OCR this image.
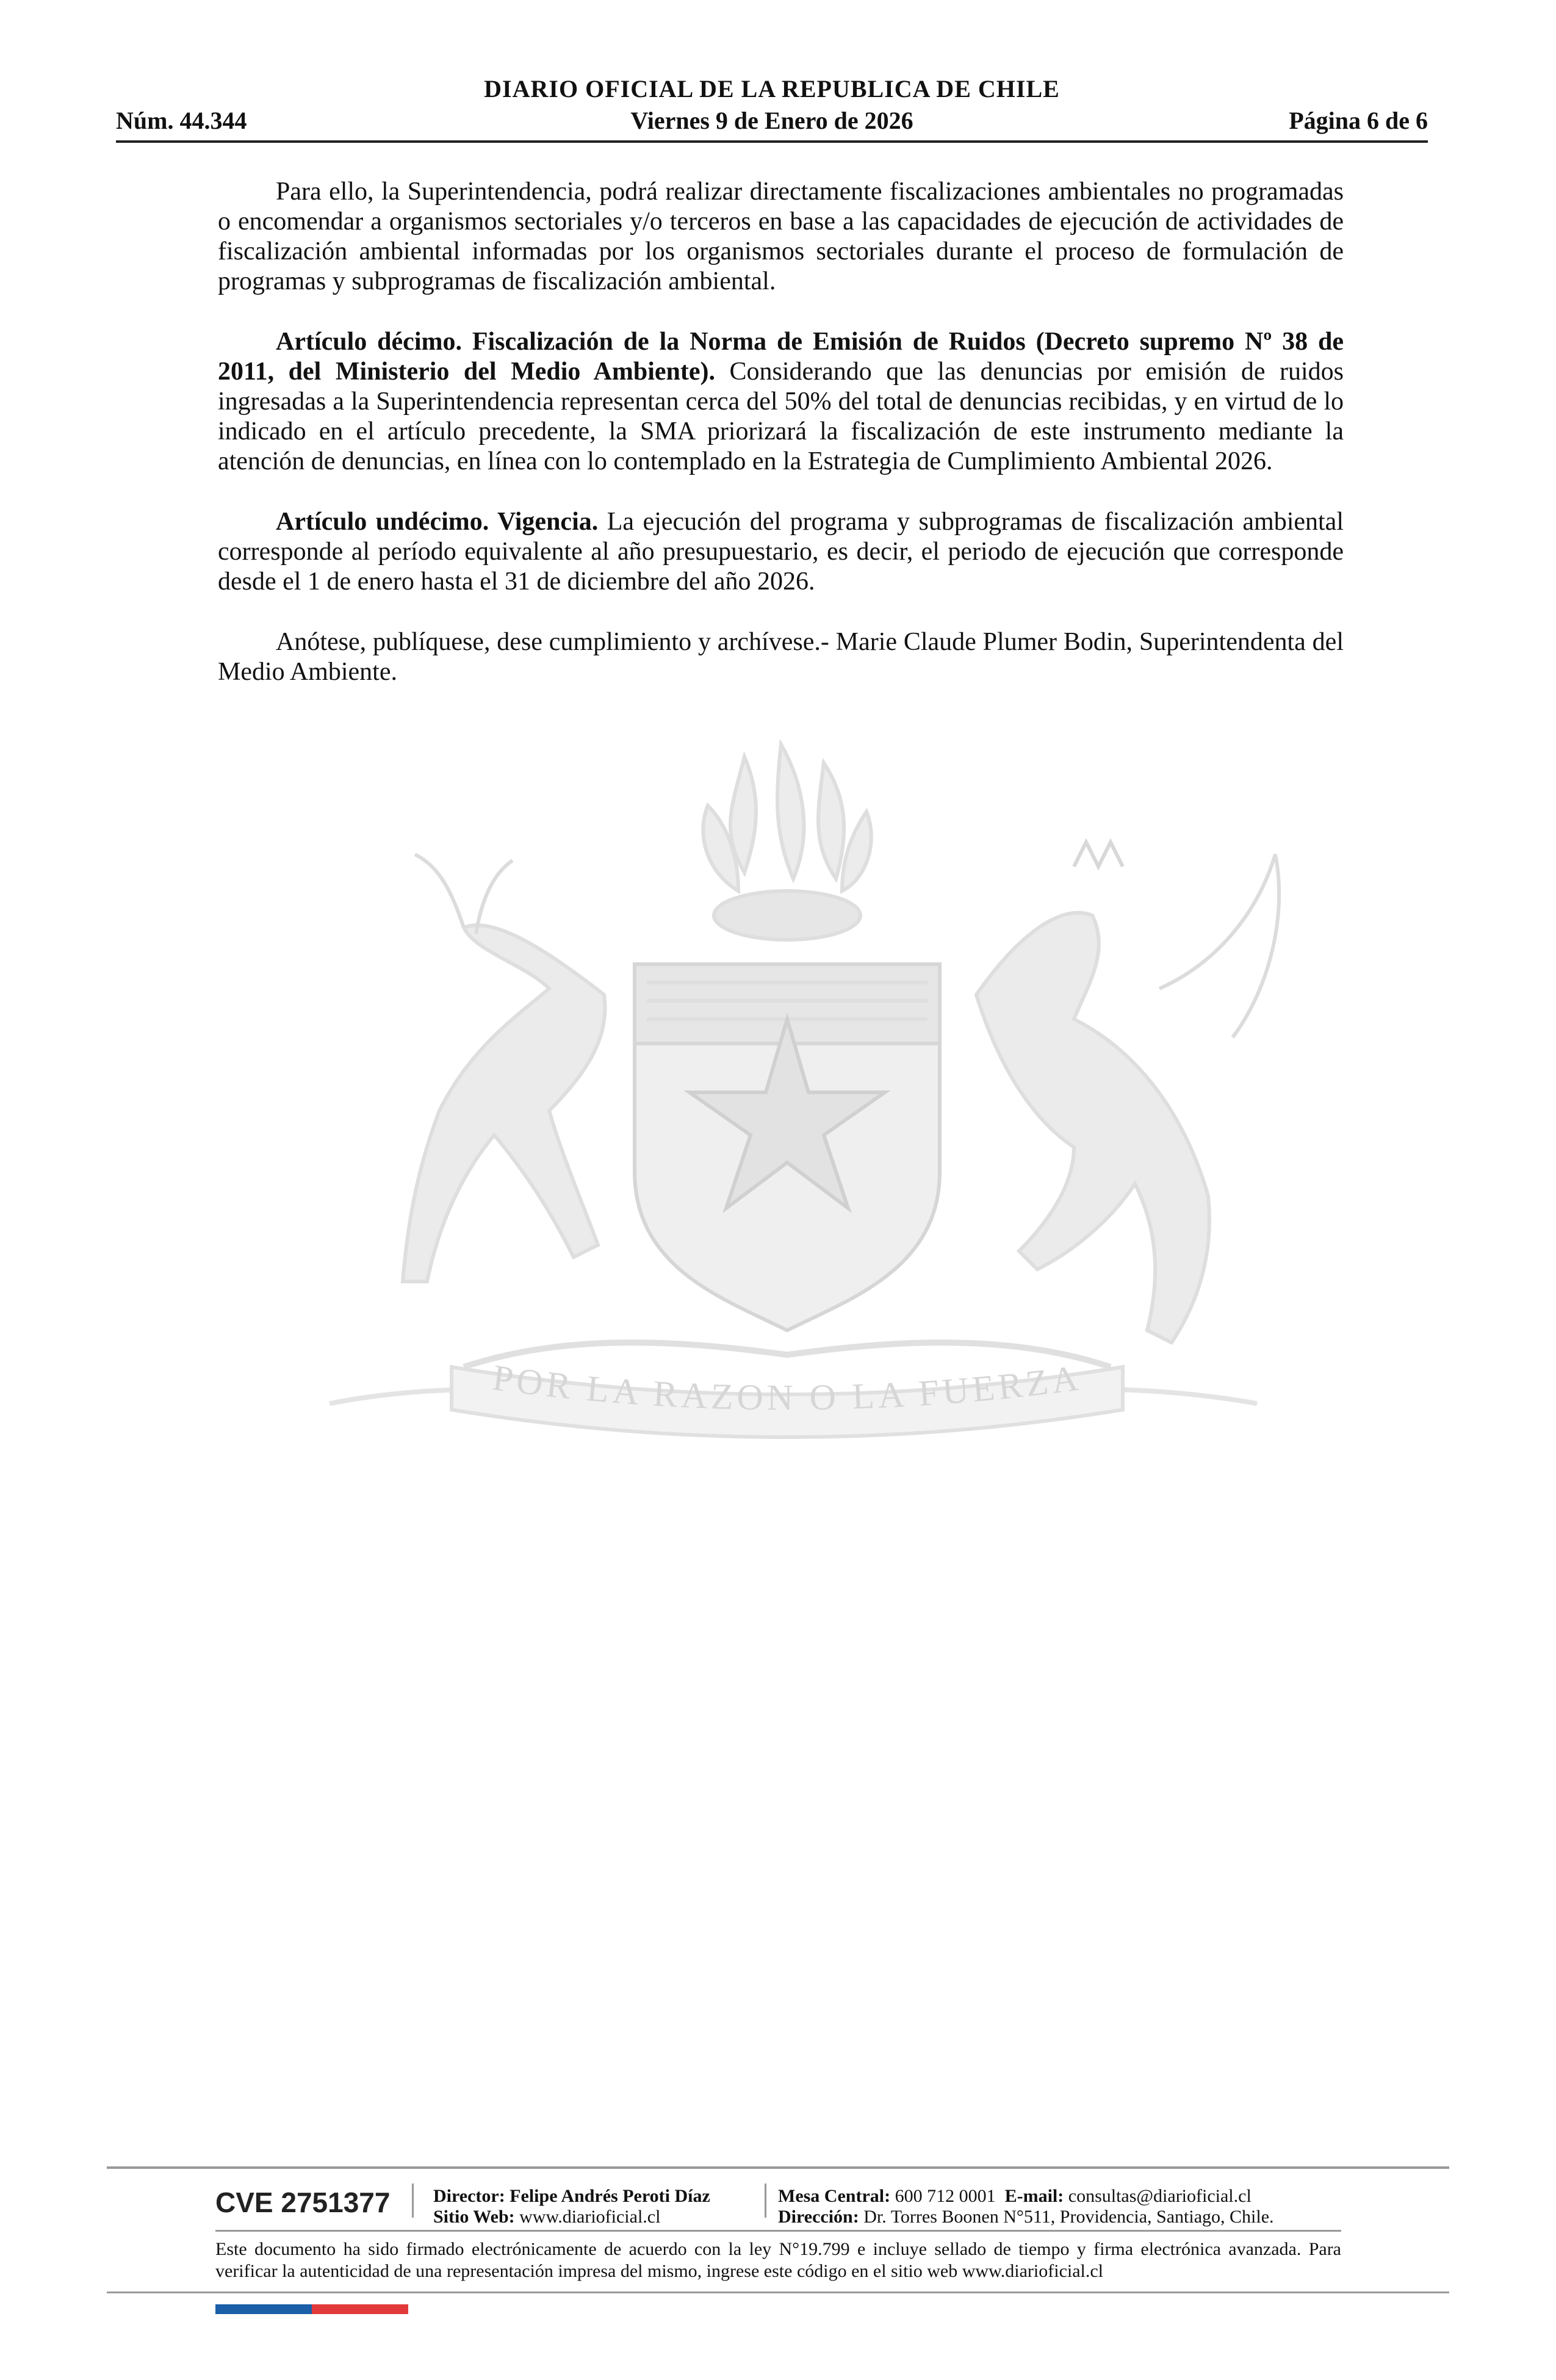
DIARIO OFICIAL DE LA REPUBLICA DE CHILE
Núm. 44.344	Viernes 9 de Enero de 2026	Página 6 de 6
POR LA RAZON O LA FUERZA

Para ello, la Superintendencia, podrá realizar directamente fiscalizaciones ambientales no programadas o encomendar a organismos sectoriales y/o terceros en base a las capacidades de ejecución de actividades de fiscalización ambiental informadas por los organismos sectoriales durante el proceso de formulación de programas y subprogramas de fiscalización ambiental.

Artículo décimo. Fiscalización de la Norma de Emisión de Ruidos (Decreto supremo Nº 38 de 2011, del Ministerio del Medio Ambiente). Considerando que las denuncias por emisión de ruidos ingresadas a la Superintendencia representan cerca del 50% del total de denuncias recibidas, y en virtud de lo indicado en el artículo precedente, la SMA priorizará la fiscalización de este instrumento mediante la atención de denuncias, en línea con lo contemplado en la Estrategia de Cumplimiento Ambiental 2026.

Artículo undécimo. Vigencia. La ejecución del programa y subprogramas de fiscalización ambiental corresponde al período equivalente al año presupuestario, es decir, el periodo de ejecución que corresponde desde el 1 de enero hasta el 31 de diciembre del año 2026.

Anótese, publíquese, dese cumplimiento y archívese.- Marie Claude Plumer Bodin, Superintendenta del Medio Ambiente.

CVE 2751377 Director: Felipe Andrés Peroti Díaz
Sitio Web: www.diarioficial.cl
Mesa Central: 600 712 0001 E-mail: consultas@diarioficial.cl
Dirección: Dr. Torres Boonen N°511, Providencia, Santiago, Chile.
Este documento ha sido firmado electrónicamente de acuerdo con la ley N°19.799 e incluye sellado de tiempo y firma electrónica avanzada. Para verificar la autenticidad de una representación impresa del mismo, ingrese este código en el sitio web www.diarioficial.cl
